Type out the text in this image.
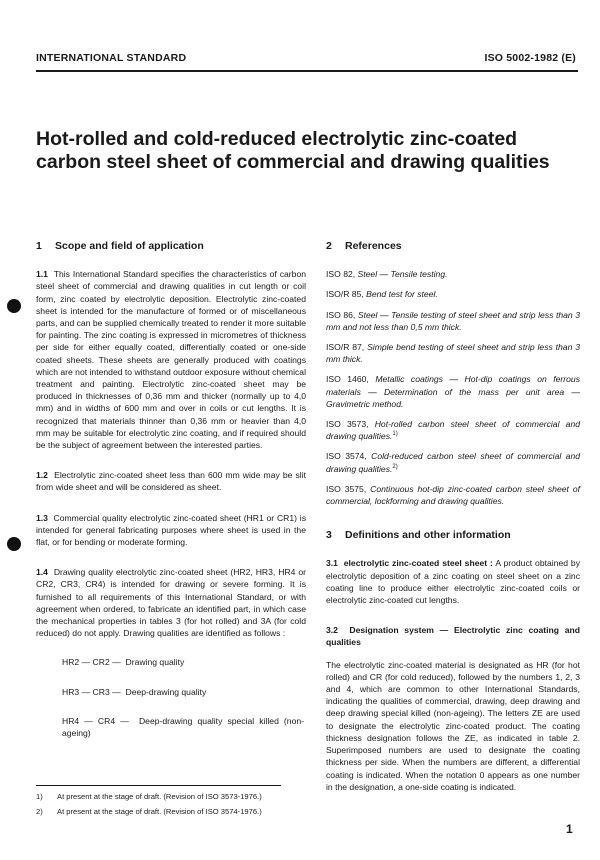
INTERNATIONAL STANDARD	ISO 5002-1982 (E)
Hot-rolled and cold-reduced electrolytic zinc-coated
carbon steel sheet of commercial and drawing qualities
1 Scope and field of application

1.1 This International Standard specifies the characteristics of carbon steel sheet of commercial and drawing qualities in cut length or coil form, zinc coated by electrolytic deposition. Electrolytic zinc-coated sheet is intended for the manufacture of formed or of miscellaneous parts, and can be supplied chemically treated to render it more suitable for painting. The zinc coating is expressed in micrometres of thickness per side for either equally coated, differentially coated or one-side coated sheets. These sheets are generally produced with coatings which are not intended to withstand outdoor exposure without chemical treatment and painting. Electrolytic zinc-coated sheet may be produced in thicknesses of 0,36 mm and thicker (normally up to 4,0 mm) and in widths of 600 mm and over in coils or cut lengths. It is recognized that materials thinner than 0,36 mm or heavier than 4,0 mm may be suitable for electrolytic zinc coating, and if required should be the subject of agreement between the interested parties.

1.2 Electrolytic zinc-coated sheet less than 600 mm wide may be slit from wide sheet and will be considered as sheet.

1.3 Commercial quality electrolytic zinc-coated sheet (HR1 or CR1) is intended for general fabricating purposes where sheet is used in the flat, or for bending or moderate forming.

1.4 Drawing quality electrolytic zinc-coated sheet (HR2, HR3, HR4 or CR2, CR3, CR4) is intended for drawing or severe forming. It is furnished to all requirements of this International Standard, or with agreement when ordered, to fabricate an identified part, in which case the mechanical properties in tables 3 (for hot rolled) and 3A (for cold reduced) do not apply. Drawing qualities are identified as follows :

HR2 — CR2 — Drawing quality

HR3 — CR3 — Deep-drawing quality

HR4 — CR4 — Deep-drawing quality special killed (non-ageing)

2 References

ISO 82, Steel — Tensile testing.

ISO/R 85, Bend test for steel.

ISO 86, Steel — Tensile testing of steel sheet and strip less than 3 mm and not less than 0,5 mm thick.

ISO/R 87, Simple bend testing of steel sheet and strip less than 3 mm thick.

ISO 1460, Metallic coatings — Hot-dip coatings on ferrous materials — Determination of the mass per unit area — Gravimetric method.

ISO 3573, Hot-rolled carbon steel sheet of commercial and drawing qualities.$^{1)}$

ISO 3574, Cold-reduced carbon steel sheet of commercial and drawing qualities.$^{2)}$

ISO 3575, Continuous hot-dip zinc-coated carbon steel sheet of commercial, lockforming and drawing qualities.

3 Definitions and other information

3.1 electrolytic zinc-coated steel sheet : A product obtained by electrolytic deposition of a zinc coating on steel sheet on a zinc coating line to produce either electrolytic zinc-coated coils or electrolytic zinc-coated cut lengths.

3.2 Designation system — Electrolytic zinc coating and qualities

The electrolytic zinc-coated material is designated as HR (for hot rolled) and CR (for cold reduced), followed by the numbers 1, 2, 3 and 4, which are common to other International Standards, indicating the qualities of commercial, drawing, deep drawing and deep drawing special killed (non-ageing). The letters ZE are used to designate the electrolytic zinc-coated product. The coating thickness designation follows the ZE, as indicated in table 2. Superimposed numbers are used to designate the coating thickness per side. When the numbers are different, a differential coating is indicated. When the notation 0 appears as one number in the designation, a one-side coating is indicated.

1) At present at the stage of draft. (Revision of ISO 3573-1976.)
2) At present at the stage of draft. (Revision of ISO 3574-1976.)
1
